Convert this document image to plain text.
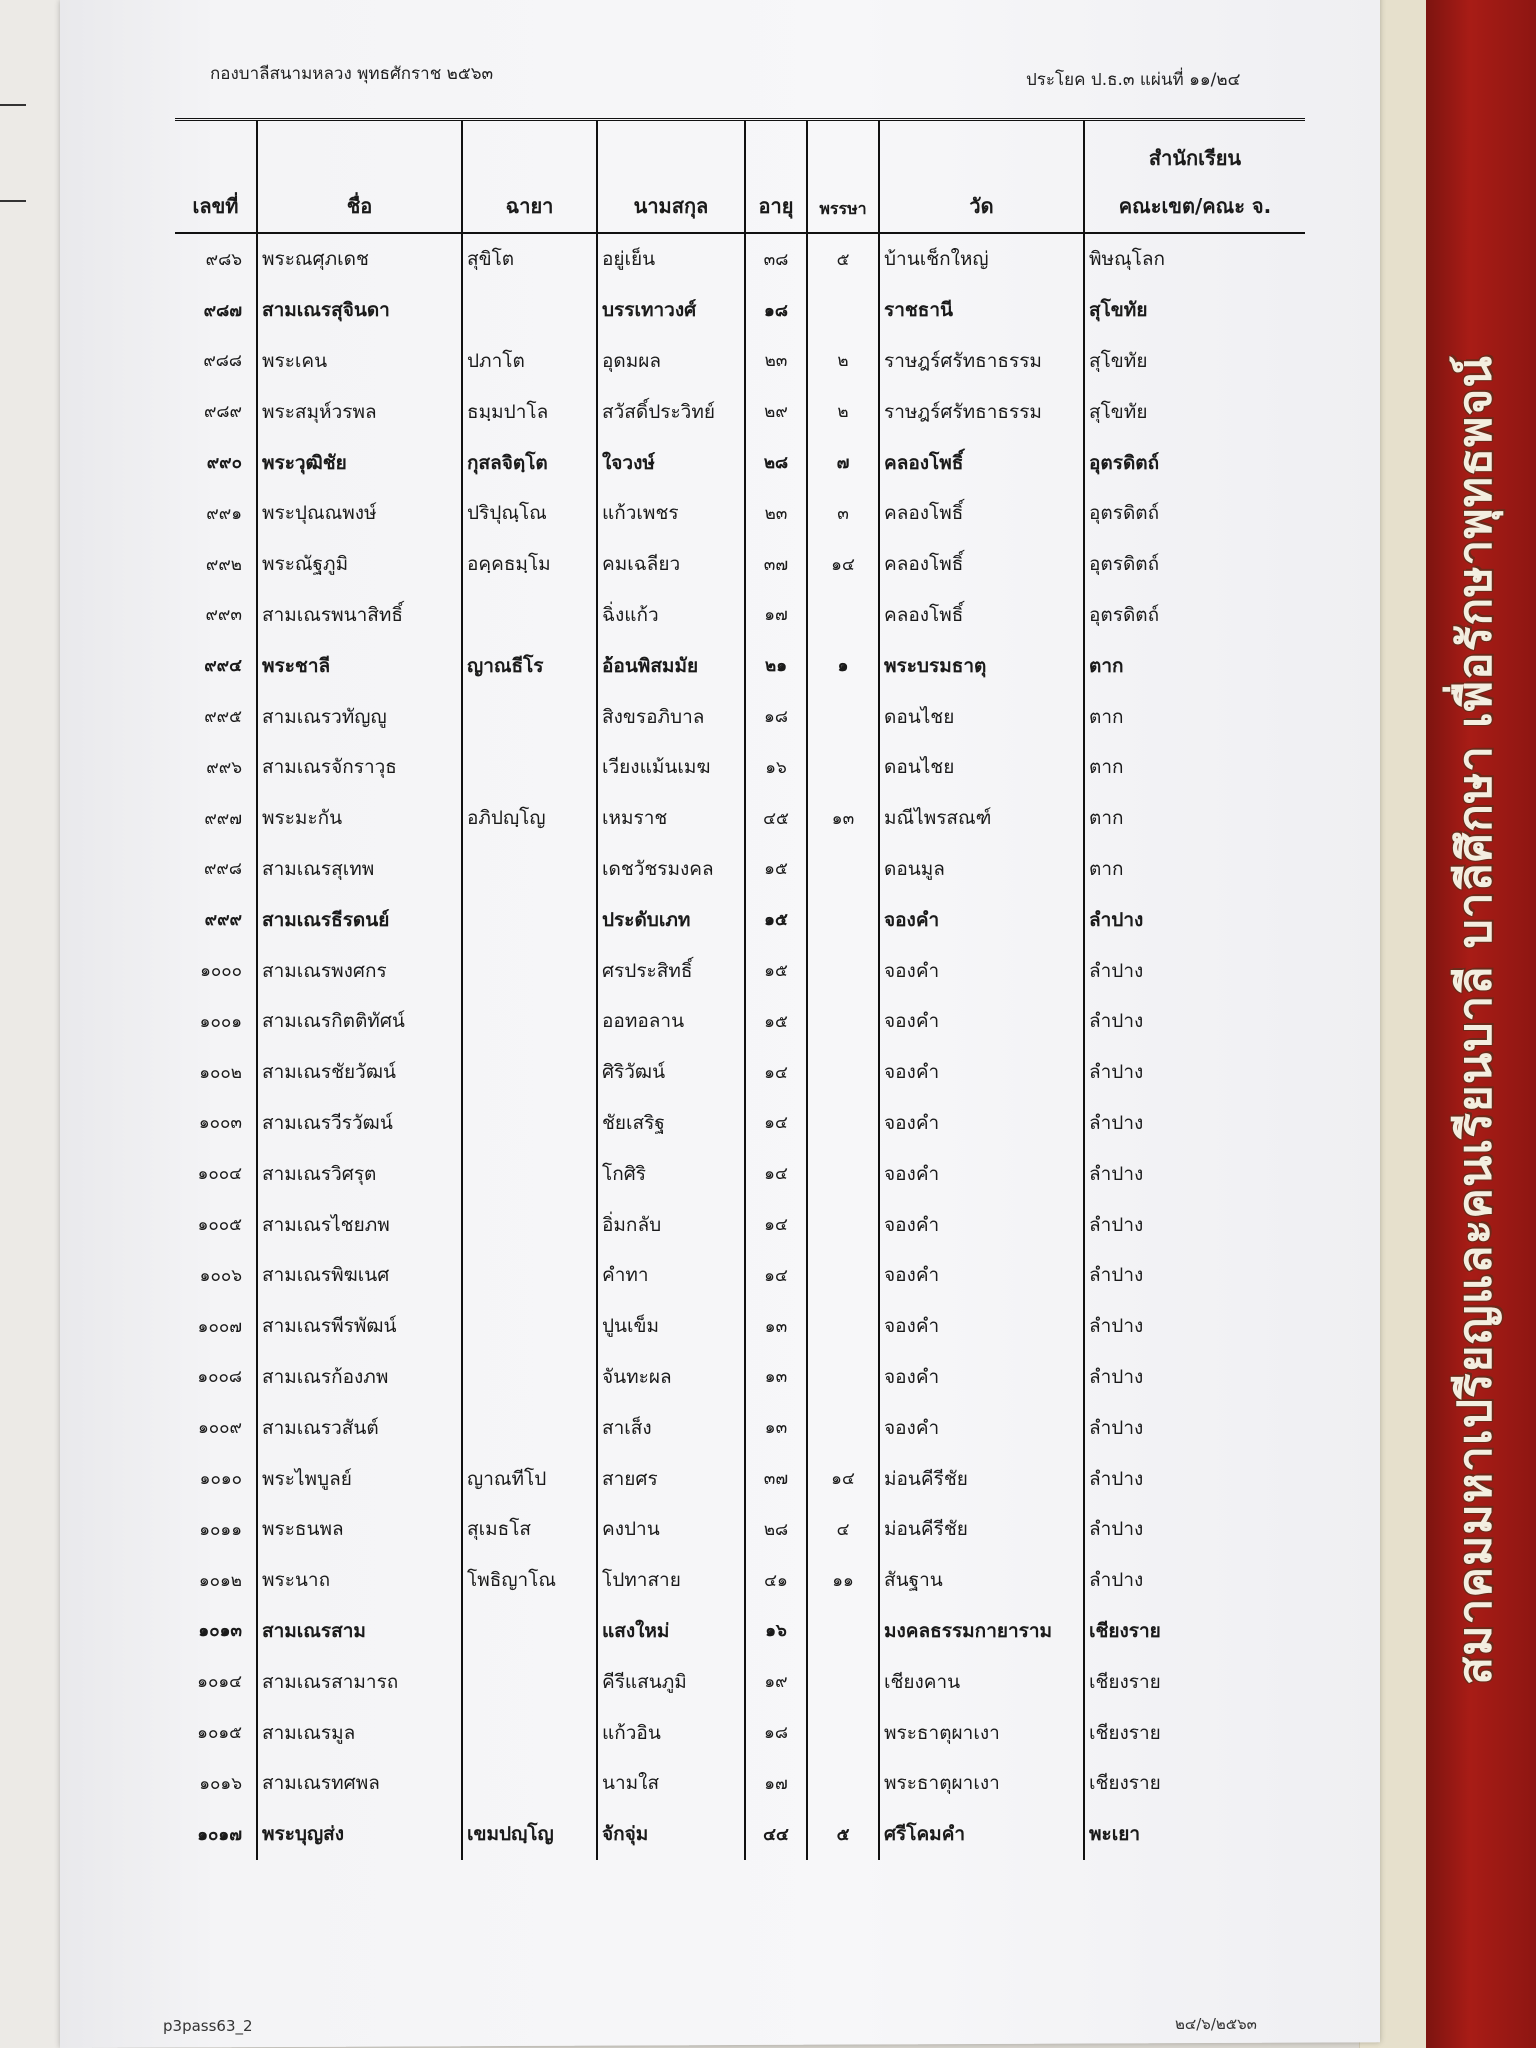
กองบาลีสนามหลวง พุทธศักราช ๒๕๖๓	ประโยค ป.ธ.๓ แผ่นที่ ๑๑/๒๔
เลขที่	ชื่อ	ฉายา	นามสกุล	อายุ	พรรษา	วัด	สำนักเรียน
คณะเขต/คณะ จ.
๙๘๖	พระณศุภเดช	สุขิโต	อยู่เย็น	๓๘	๕	บ้านเช็กใหญ่	พิษณุโลก
๙๘๗	สามเณรสุจินดา		บรรเทาวงศ์	๑๘		ราชธานี	สุโขทัย
๙๘๘	พระเคน	ปภาโต	อุดมผล	๒๓	๒	ราษฎร์ศรัทธาธรรม	สุโขทัย
๙๘๙	พระสมุห์วรพล	ธมฺมปาโล	สวัสดิ์ประวิทย์	๒๙	๒	ราษฎร์ศรัทธาธรรม	สุโขทัย
๙๙๐	พระวุฒิชัย	กุสลจิตฺโต	ใจวงษ์	๒๘	๗	คลองโพธิ์	อุตรดิตถ์
๙๙๑	พระปุณณพงษ์	ปริปุณฺโณ	แก้วเพชร	๒๓	๓	คลองโพธิ์	อุตรดิตถ์
๙๙๒	พระณัฐภูมิ	อคฺคธมฺโม	คมเฉลียว	๓๗	๑๔	คลองโพธิ์	อุตรดิตถ์
๙๙๓	สามเณรพนาสิทธิ์		ฉิ่งแก้ว	๑๗		คลองโพธิ์	อุตรดิตถ์
๙๙๔	พระชาลี	ญาณธีโร	อ้อนพิสมมัย	๒๑	๑	พระบรมธาตุ	ตาก
๙๙๕	สามเณรวทัญญู		สิงขรอภิบาล	๑๘		ดอนไชย	ตาก
๙๙๖	สามเณรจักราวุธ		เวียงแม้นเมฆ	๑๖		ดอนไชย	ตาก
๙๙๗	พระมะกัน	อภิปญฺโญ	เหมราช	๔๕	๑๓	มณีไพรสณฑ์	ตาก
๙๙๘	สามเณรสุเทพ		เดชวัชรมงคล	๑๕		ดอนมูล	ตาก
๙๙๙	สามเณรธีรดนย์		ประดับเภท	๑๕		จองคำ	ลำปาง
๑๐๐๐	สามเณรพงศกร		ศรประสิทธิ์	๑๕		จองคำ	ลำปาง
๑๐๐๑	สามเณรกิตติทัศน์		ออทอลาน	๑๕		จองคำ	ลำปาง
๑๐๐๒	สามเณรชัยวัฒน์		ศิริวัฒน์	๑๔		จองคำ	ลำปาง
๑๐๐๓	สามเณรวีรวัฒน์		ชัยเสริฐ	๑๔		จองคำ	ลำปาง
๑๐๐๔	สามเณรวิศรุต		โกศิริ	๑๔		จองคำ	ลำปาง
๑๐๐๕	สามเณรไชยภพ		อิ่มกลับ	๑๔		จองคำ	ลำปาง
๑๐๐๖	สามเณรพิฆเนศ		คำทา	๑๔		จองคำ	ลำปาง
๑๐๐๗	สามเณรพีรพัฒน์		ปูนเข็ม	๑๓		จองคำ	ลำปาง
๑๐๐๘	สามเณรก้องภพ		จันทะผล	๑๓		จองคำ	ลำปาง
๑๐๐๙	สามเณรวสันต์		สาเส็ง	๑๓		จองคำ	ลำปาง
๑๐๑๐	พระไพบูลย์	ญาณทีโป	สายศร	๓๗	๑๔	ม่อนคีรีชัย	ลำปาง
๑๐๑๑	พระธนพล	สุเมธโส	คงปาน	๒๘	๔	ม่อนคีรีชัย	ลำปาง
๑๐๑๒	พระนาถ	โพธิญาโณ	โปทาสาย	๔๑	๑๑	สันฐาน	ลำปาง
๑๐๑๓	สามเณรสาม		แสงใหม่	๑๖		มงคลธรรมกายาราม	เชียงราย
๑๐๑๔	สามเณรสามารถ		คีรีแสนภูมิ	๑๙		เชียงคาน	เชียงราย
๑๐๑๕	สามเณรมูล		แก้วอิน	๑๘		พระธาตุผาเงา	เชียงราย
๑๐๑๖	สามเณรทศพล		นามใส	๑๗		พระธาตุผาเงา	เชียงราย
๑๐๑๗	พระบุญส่ง	เขมปญฺโญ	จักจุ่ม	๔๔	๕	ศรีโคมคำ	พะเยา
p3pass63_2	๒๔/๖/๒๕๖๓
สมาคมมหาเปรียญและคนเรียนบาลี บาลีศึกษา เพื่อรักษาพุทธพจน์
